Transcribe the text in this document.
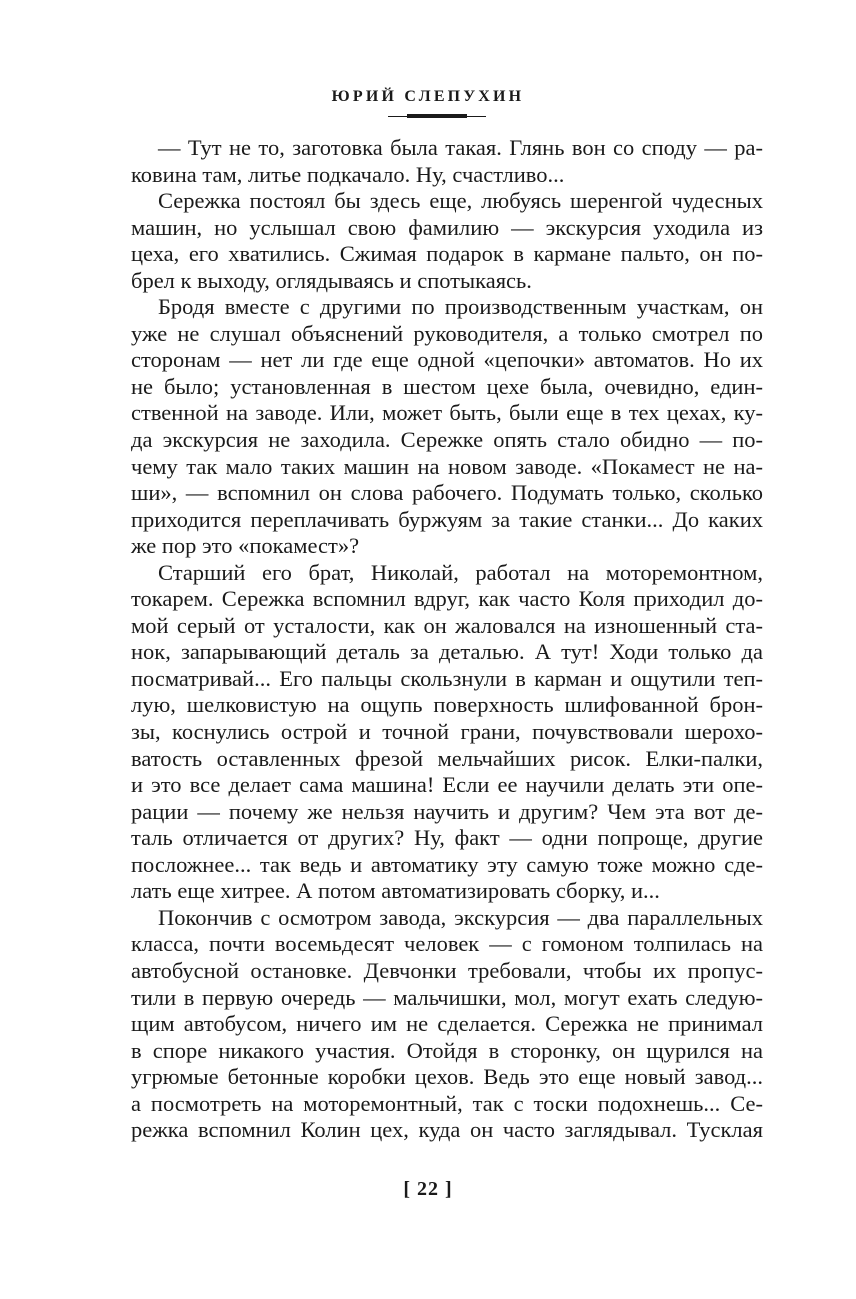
ЮРИЙ СЛЕПУХИН
— Тут не то, заготовка была такая. Глянь вон со споду — ра-
ковина там, литье подкачало. Ну, счастливо...
Сережка постоял бы здесь еще, любуясь шеренгой чудесных
машин, но услышал свою фамилию — экскурсия уходила из
цеха, его хватились. Сжимая подарок в кармане пальто, он по-
брел к выходу, оглядываясь и спотыкаясь.
Бродя вместе с другими по производственным участкам, он
уже не слушал объяснений руководителя, а только смотрел по
сторонам — нет ли где еще одной «цепочки» автоматов. Но их
не было; установленная в шестом цехе была, очевидно, един-
ственной на заводе. Или, может быть, были еще в тех цехах, ку-
да экскурсия не заходила. Сережке опять стало обидно — по-
чему так мало таких машин на новом заводе. «Покамест не на-
ши», — вспомнил он слова рабочего. Подумать только, сколько
приходится переплачивать буржуям за такие станки... До каких
же пор это «покамест»?
Старший его брат, Николай, работал на моторемонтном,
токарем. Сережка вспомнил вдруг, как часто Коля приходил до-
мой серый от усталости, как он жаловался на изношенный ста-
нок, запарывающий деталь за деталью. А тут! Ходи только да
посматривай... Его пальцы скользнули в карман и ощутили теп-
лую, шелковистую на ощупь поверхность шлифованной брон-
зы, коснулись острой и точной грани, почувствовали шерохо-
ватость оставленных фрезой мельчайших рисок. Елки-палки,
и это все делает сама машина! Если ее научили делать эти опе-
рации — почему же нельзя научить и другим? Чем эта вот де-
таль отличается от других? Ну, факт — одни попроще, другие
посложнее... так ведь и автоматику эту самую тоже можно сде-
лать еще хитрее. А потом автоматизировать сборку, и...
Покончив с осмотром завода, экскурсия — два параллельных
класса, почти восемьдесят человек — с гомоном толпилась на
автобусной остановке. Девчонки требовали, чтобы их пропус-
тили в первую очередь — мальчишки, мол, могут ехать следую-
щим автобусом, ничего им не сделается. Сережка не принимал
в споре никакого участия. Отойдя в сторонку, он щурился на
угрюмые бетонные коробки цехов. Ведь это еще новый завод...
а посмотреть на моторемонтный, так с тоски подохнешь... Се-
режка вспомнил Колин цех, куда он часто заглядывал. Тусклая
[ 22 ]
